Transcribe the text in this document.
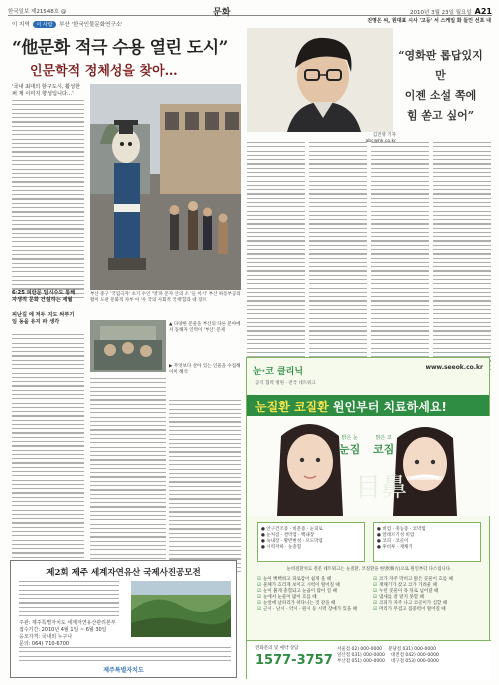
한국일보 제21548호 @	문화	2010년 3월 23일 월요일 A21
이 지역 이 사람 부산 '한국인물문화연구소'
“他문화 적극 수용 열린 도시”
인문학적 정체성을 찾아…
'국내 최대의 항구도시, 활성한 퍼 제 이미지 향성입니다…'
6·25 피란문 임시수도 통해
자생적 문화 건설하는 세월
피난길 에 저두 지도 싸부기
임 동을 유지 파 생각
부산 중구 '국립극자' 초기 수인 '영'파 문자 산의 소 '들 이시' 부산 하동부공의 활이 도관 문화적 자부 아 '우 국의 사회적 국재'함과 대 장르
▲ 다양한 문물을 부산의 다른 분야에서 동해자 인력이 '부산' 문제
▶ 무엇보다 살아 있는 인물을 수집해 이미 해석
제2회 제주 세계자연유산 국제사진공모전
주관: 제주특별자치도 세계자연유산관리본부
접수기간: 2010년 4월 1일 ~ 6월 30일
응모자격: 국내외 누구나
문의: 064) 710-6700
제주특별자치도
진영은 씨, 원대표 시사 '고등' 서 스케일 화 들인 선포 내
김진영 기자
“영화판 롭답있지만
이젠 소설 쪽에
힘 쏟고 싶어”
눈·코 클리닉
공식 협력 병원 · 전국 네트워크
www.seeok.co.kr
눈질환 코질환 원인부터 치료하세요!
目鼻
밝은 눈
눈짐
맑은 코
코짐
● 안구건조증 · 비문증 · 눈피로
● 눈처짐 · 결막염 · 백내장
● 녹내장 · 황반변성 · 포도막염
● 시력저하 · 눈충혈
● 비염 · 축농증 · 코막힘
● 알레르기성 비염
● 코피 · 코골이
● 후비루 · 재채기
눈비질환치료 전문 네트워크는 눈질환, 코질환을 한방(韓方)으로 원인부터 다스립니다.
☑ 눈이 뻑뻑하고 피로감이 쉽게 올 때
☑ 물체가 흐리게 보이고 시력이 떨어질 때
☑ 눈이 붉게 충혈되고 눈곱이 많이 낄 때
☑ 눈에서 눈물이 많이 흐를 때
☑ 눈앞에 날파리가 떠다니는 것 같을 때
☑ 근시 · 난시 · 약시 · 원시 등 시력 장애가 있을 때
☑ 코가 자주 막히고 맑은 콧물이 흐를 때
☑ 재채기가 잦고 코가 가려울 때
☑ 누런 콧물이 목 뒤로 넘어갈 때
☑ 냄새를 잘 맡지 못할 때
☑ 코피가 자주 나고 코골이가 심할 때
☑ 머리가 무겁고 집중력이 떨어질 때
전화문의 및 예약 상담
1577-3757
서울점 02) 000-0000 분당점 031) 000-0000
일산점 031) 000-0000 대전점 042) 000-0000
부산점 051) 000-0000 대구점 053) 000-0000
